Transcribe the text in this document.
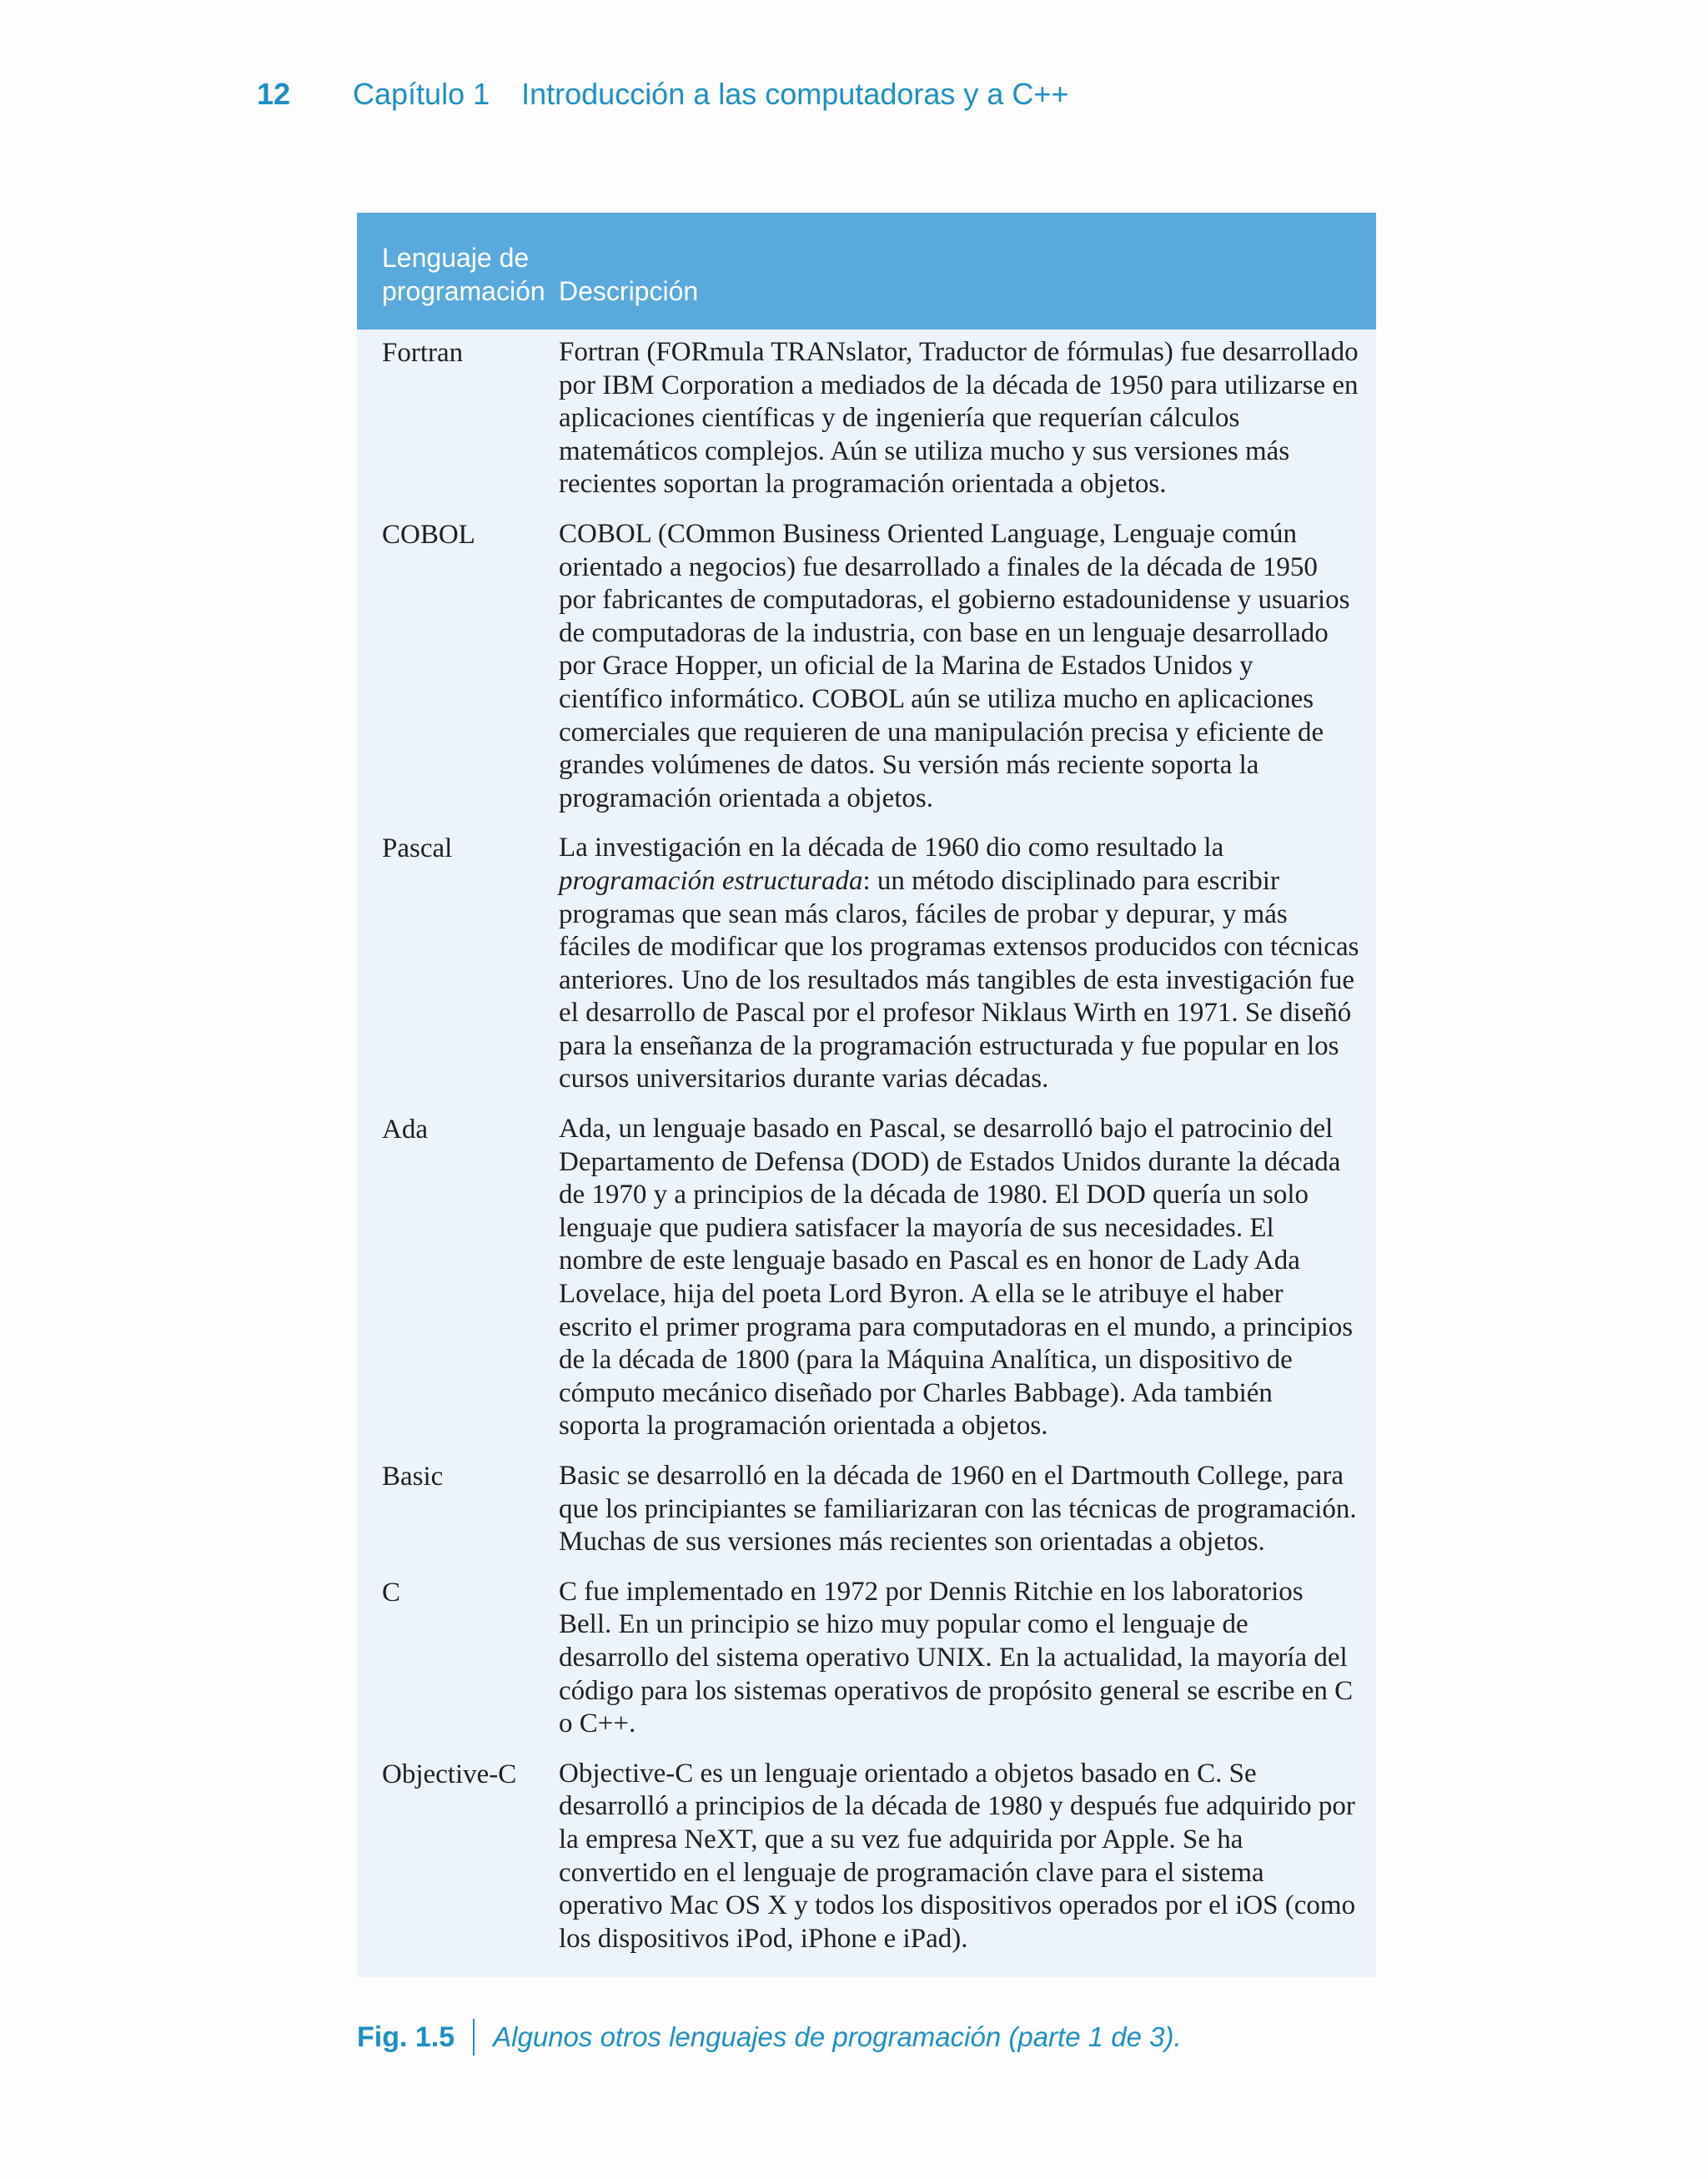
12	Capítulo 1 Introducción a las computadoras y a C++
Lenguaje de programación Descripción
Fortran	Fortran (FORmula TRANslator, Traductor de fórmulas) fue desarrollado por IBM Corporation a mediados de la década de 1950 para utilizarse en aplicaciones científicas y de ingeniería que requerían cálculos matemáticos complejos. Aún se utiliza mucho y sus versiones más recientes soportan la programación orientada a objetos.
COBOL	COBOL (COmmon Business Oriented Language, Lenguaje común orientado a negocios) fue desarrollado a finales de la década de 1950 por fabricantes de computadoras, el gobierno estadounidense y usuarios de computadoras de la industria, con base en un lenguaje desarrollado por Grace Hopper, un oficial de la Marina de Estados Unidos y científico informático. COBOL aún se utiliza mucho en aplicaciones comerciales que requieren de una manipulación precisa y eficiente de grandes volúmenes de datos. Su versión más reciente soporta la programación orientada a objetos.
Pascal	La investigación en la década de 1960 dio como resultado la programación estructurada: un método disciplinado para escribir programas que sean más claros, fáciles de probar y depurar, y más fáciles de modificar que los programas extensos producidos con técnicas anteriores. Uno de los resultados más tangibles de esta investigación fue el desarrollo de Pascal por el profesor Niklaus Wirth en 1971. Se diseñó para la enseñanza de la programación estructurada y fue popular en los cursos universitarios durante varias décadas.
Ada	Ada, un lenguaje basado en Pascal, se desarrolló bajo el patrocinio del Departamento de Defensa (DOD) de Estados Unidos durante la década de 1970 y a principios de la década de 1980. El DOD quería un solo lenguaje que pudiera satisfacer la mayoría de sus necesidades. El nombre de este lenguaje basado en Pascal es en honor de Lady Ada Lovelace, hija del poeta Lord Byron. A ella se le atribuye el haber escrito el primer programa para computadoras en el mundo, a principios de la década de 1800 (para la Máquina Analítica, un dispositivo de cómputo mecánico diseñado por Charles Babbage). Ada también soporta la programación orientada a objetos.
Basic	Basic se desarrolló en la década de 1960 en el Dartmouth College, para que los principiantes se familiarizaran con las técnicas de programación. Muchas de sus versiones más recientes son orientadas a objetos.
C	C fue implementado en 1972 por Dennis Ritchie en los laboratorios Bell. En un principio se hizo muy popular como el lenguaje de desarrollo del sistema operativo UNIX. En la actualidad, la mayoría del código para los sistemas operativos de propósito general se escribe en C o C++.
Objective-C	Objective-C es un lenguaje orientado a objetos basado en C. Se desarrolló a principios de la década de 1980 y después fue adquirido por la empresa NeXT, que a su vez fue adquirida por Apple. Se ha convertido en el lenguaje de programación clave para el sistema operativo Mac OS X y todos los dispositivos operados por el iOS (como los dispositivos iPod, iPhone e iPad).
Fig. 1.5 Algunos otros lenguajes de programación (parte 1 de 3).
